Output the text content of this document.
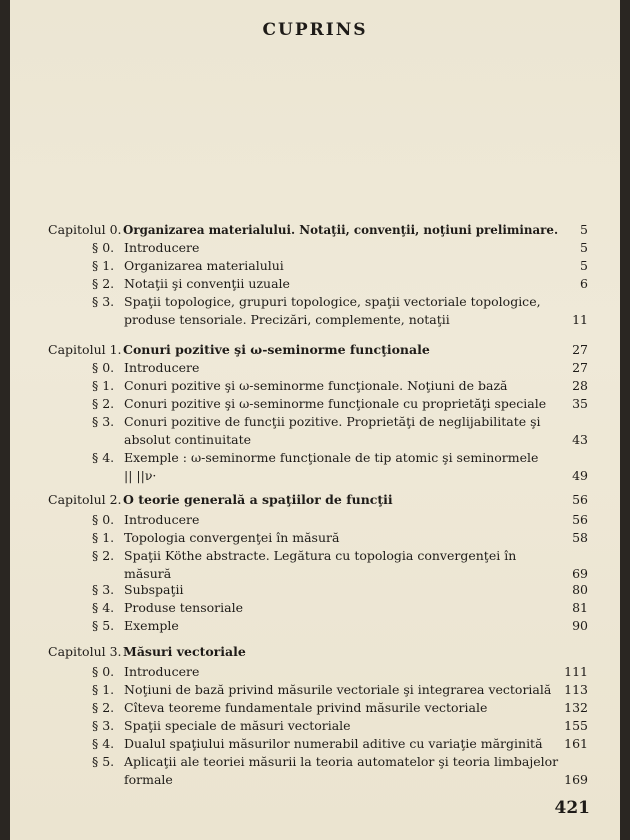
CUPRINS
Capitolul 0. Organizarea materialului. Notaţii, convenţii, noţiuni preliminare. 5
§ 0. Introducere	5
§ 1. Organizarea materialului	5
§ 2. Notaţii şi convenţii uzuale	6
§ 3. Spaţii topologice, grupuri topologice, spaţii vectoriale topologice,
produse tensoriale. Precizări, complemente, notaţii	11
Capitolul 1. Conuri pozitive şi ω-seminorme funcţionale	27
§ 0. Introducere	27
§ 1. Conuri pozitive şi ω-seminorme funcţionale. Noţiuni de bază	28
§ 2. Conuri pozitive şi ω-seminorme funcţionale cu proprietăţi speciale 35
§ 3. Conuri pozitive de funcţii pozitive. Proprietăţi de neglijabilitate şi
absolut continuitate	43
§ 4. Exemple : ω-seminorme funcţionale de tip atomic şi seminormele
|| ||ν·	49
Capitolul 2. O teorie generală a spaţiilor de funcţii	56
§ 0. Introducere	56
§ 1. Topologia convergenţei în măsură	58
§ 2. Spaţii Köthe abstracte. Legătura cu topologia convergenţei în
măsură	69
§ 3. Subspaţii	80
§ 4. Produse tensoriale	81
§ 5. Exemple	90
Capitolul 3. Măsuri vectoriale
§ 0. Introducere	111
§ 1. Noţiuni de bază privind măsurile vectoriale şi integrarea vectorială 113
§ 2. Cîteva teoreme fundamentale privind măsurile vectoriale	132
§ 3. Spaţii speciale de măsuri vectoriale	155
§ 4. Dualul spaţiului măsurilor numerabil aditive cu variaţie mărginită 161
§ 5. Aplicaţii ale teoriei măsurii la teoria automatelor şi teoria limbajelor
formale	169
421
